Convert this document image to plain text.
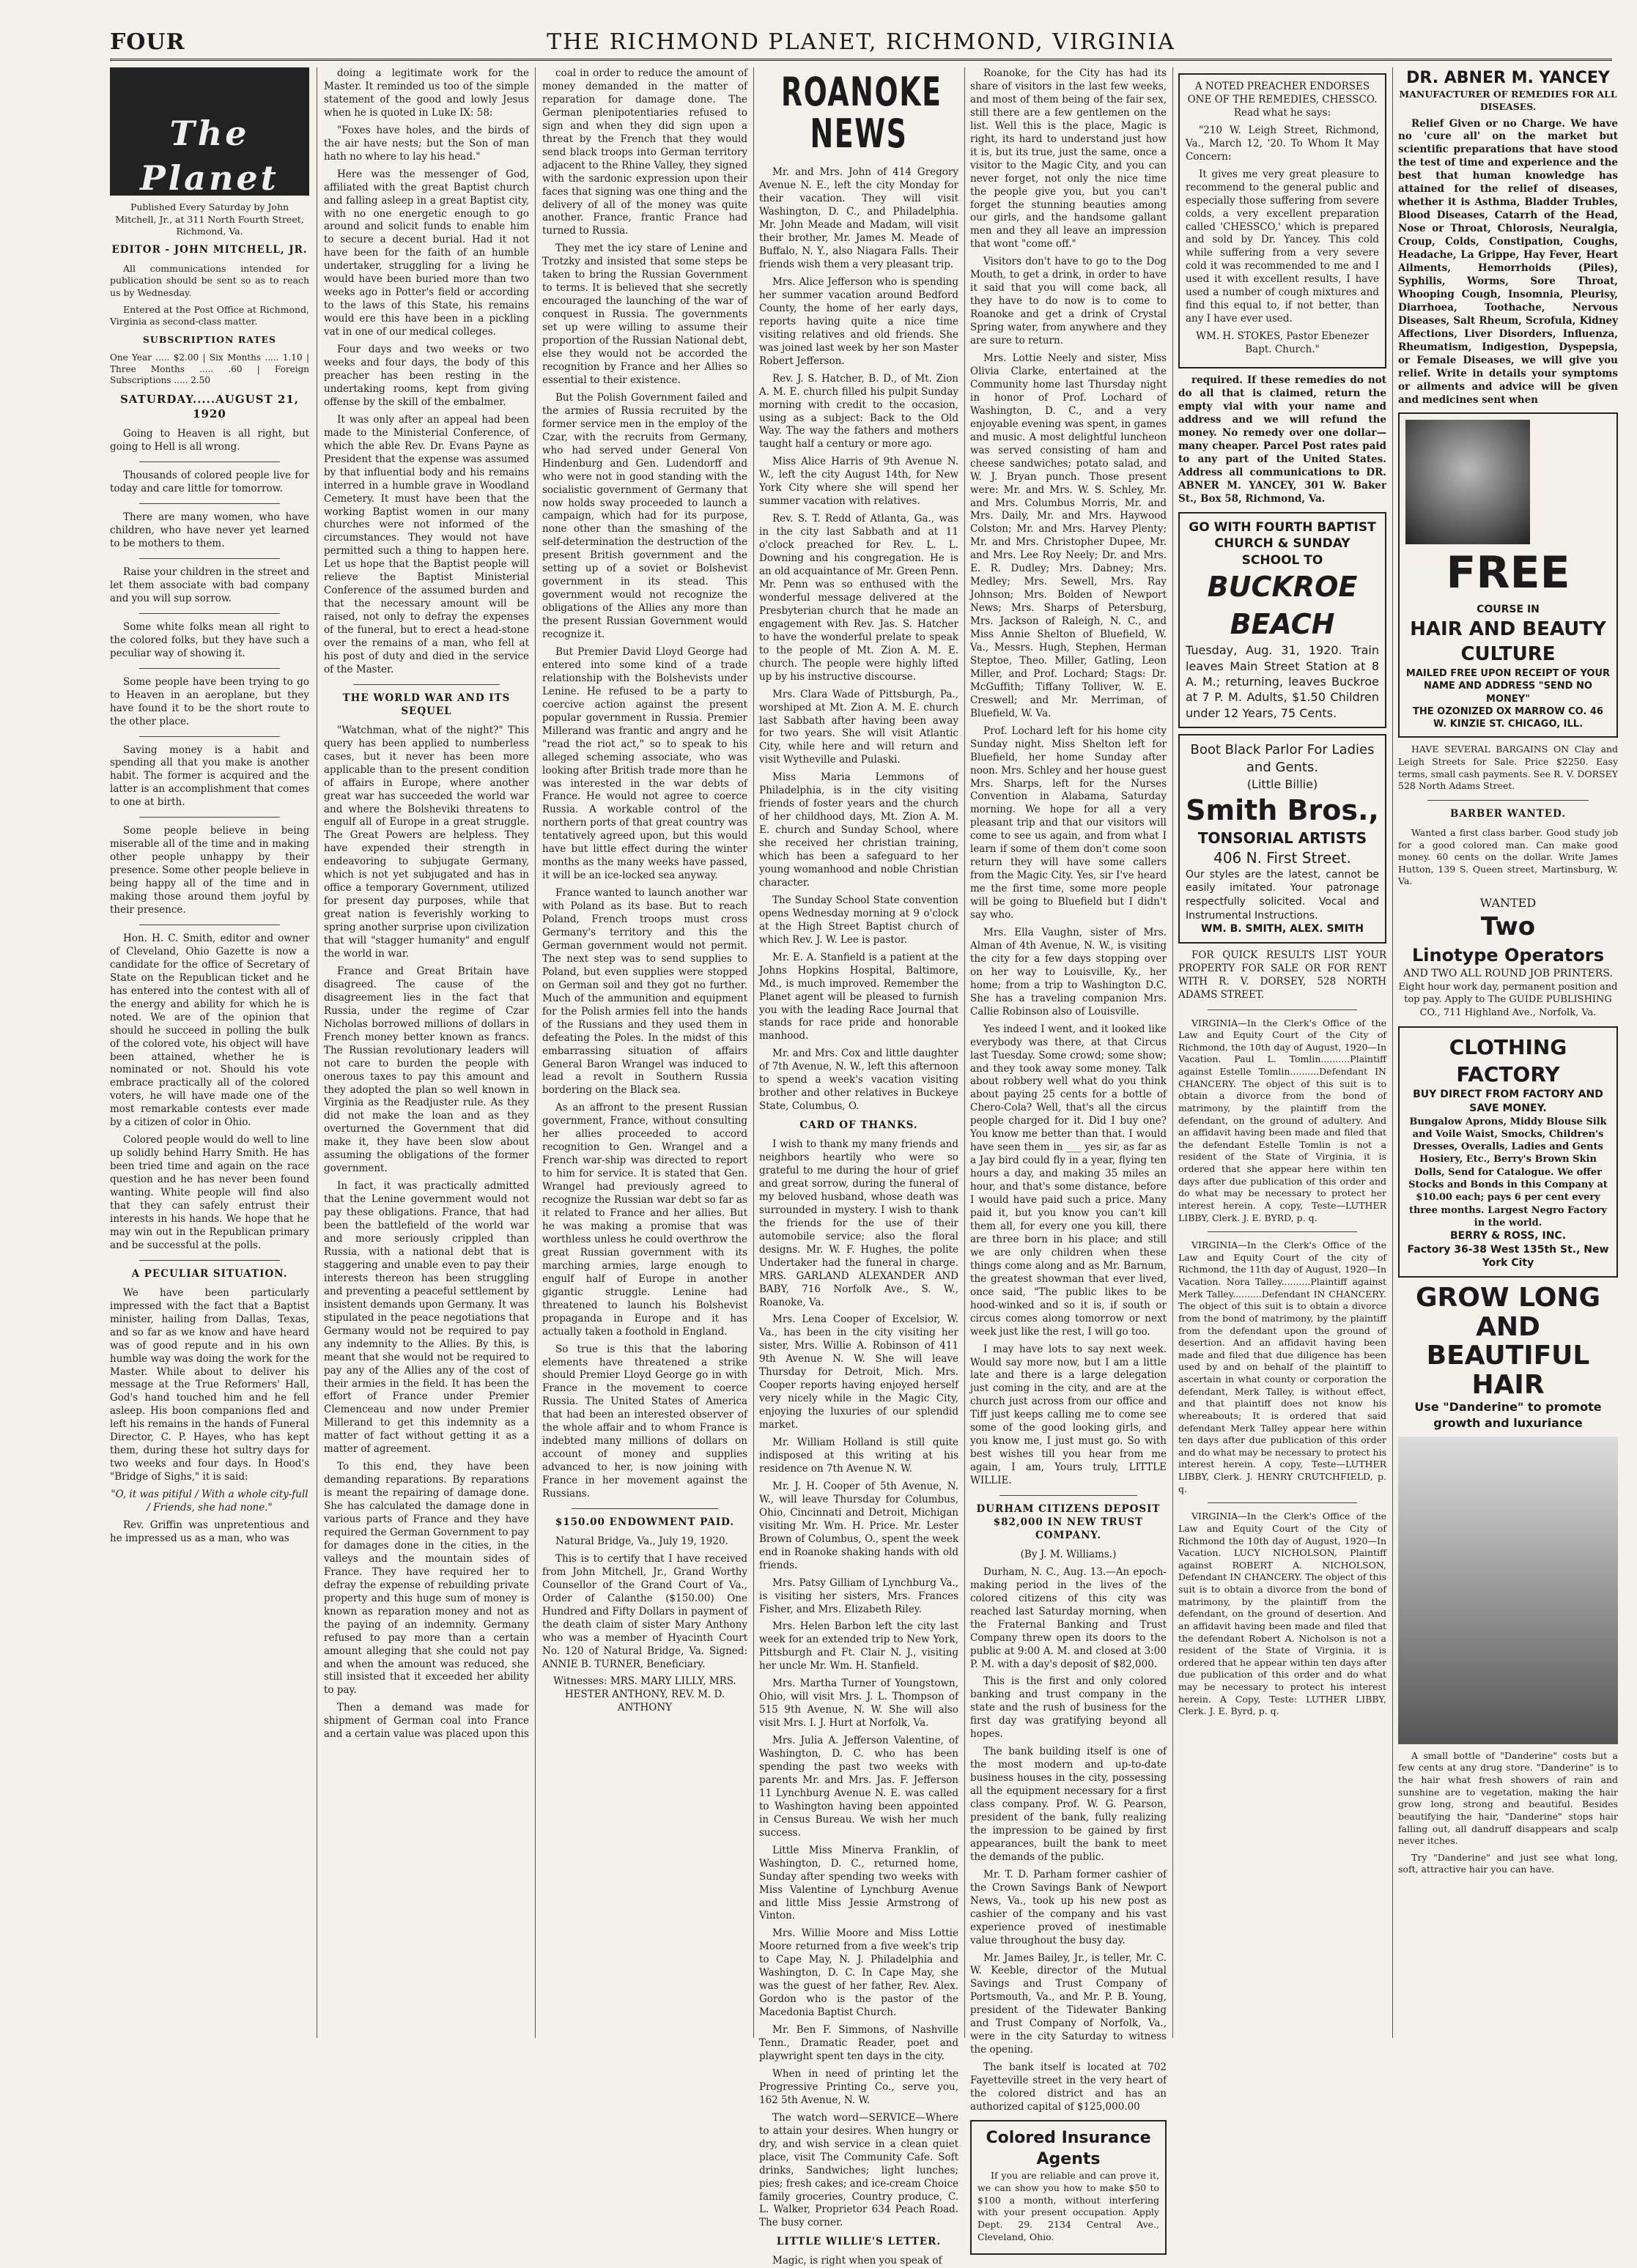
FOUR	THE RICHMOND PLANET, RICHMOND, VIRGINIA
The Planet

Published Every Saturday by John Mitchell, Jr., at 311 North Fourth Street, Richmond, Va.

EDITOR - JOHN MITCHELL, JR.

All communications intended for publication should be sent so as to reach us by Wednesday.

Entered at the Post Office at Richmond, Virginia as second-class matter.

SUBSCRIPTION RATES

One Year ..... $2.00 | Six Months ..... 1.10 | Three Months ..... .60 | Foreign Subscriptions ..... 2.50

SATURDAY.....AUGUST 21, 1920

Going to Heaven is all right, but going to Hell is all wrong.

Thousands of colored people live for today and care little for tomorrow.

There are many women, who have children, who have never yet learned to be mothers to them.

Raise your children in the street and let them associate with bad company and you will sup sorrow.

Some white folks mean all right to the colored folks, but they have such a peculiar way of showing it.

Some people have been trying to go to Heaven in an aeroplane, but they have found it to be the short route to the other place.

Saving money is a habit and spending all that you make is another habit. The former is acquired and the latter is an accomplishment that comes to one at birth.

Some people believe in being miserable all of the time and in making other people unhappy by their presence. Some other people believe in being happy all of the time and in making those around them joyful by their presence.

Hon. H. C. Smith, editor and owner of Cleveland, Ohio Gazette is now a candidate for the office of Secretary of State on the Republican ticket and he has entered into the contest with all of the energy and ability for which he is noted. We are of the opinion that should he succeed in polling the bulk of the colored vote, his object will have been attained, whether he is nominated or not. Should his vote embrace practically all of the colored voters, he will have made one of the most remarkable contests ever made by a citizen of color in Ohio.

Colored people would do well to line up solidly behind Harry Smith. He has been tried time and again on the race question and he has never been found wanting. White people will find also that they can safely entrust their interests in his hands. We hope that he may win out in the Republican primary and be successful at the polls.

A PECULIAR SITUATION.

We have been particularly impressed with the fact that a Baptist minister, hailing from Dallas, Texas, and so far as we know and have heard was of good repute and in his own humble way was doing the work for the Master. While about to deliver his message at the True Reformers' Hall, God's hand touched him and he fell asleep. His boon companions fled and left his remains in the hands of Funeral Director, C. P. Hayes, who has kept them, during these hot sultry days for two weeks and four days. In Hood's "Bridge of Sighs," it is said:

"O, it was pitiful / With a whole city-full / Friends, she had none."

Rev. Griffin was unpretentious and he impressed us as a man, who was

doing a legitimate work for the Master. It reminded us too of the simple statement of the good and lowly Jesus when he is quoted in Luke IX: 58:

"Foxes have holes, and the birds of the air have nests; but the Son of man hath no where to lay his head."

Here was the messenger of God, affiliated with the great Baptist church and falling asleep in a great Baptist city, with no one energetic enough to go around and solicit funds to enable him to secure a decent burial. Had it not have been for the faith of an humble undertaker, struggling for a living he would have been buried more than two weeks ago in Potter's field or according to the laws of this State, his remains would ere this have been in a pickling vat in one of our medical colleges.

Four days and two weeks or two weeks and four days, the body of this preacher has been resting in the undertaking rooms, kept from giving offense by the skill of the embalmer.

It was only after an appeal had been made to the Ministerial Conference, of which the able Rev. Dr. Evans Payne as President that the expense was assumed by that influential body and his remains interred in a humble grave in Woodland Cemetery. It must have been that the working Baptist women in our many churches were not informed of the circumstances. They would not have permitted such a thing to happen here. Let us hope that the Baptist people will relieve the Baptist Ministerial Conference of the assumed burden and that the necessary amount will be raised, not only to defray the expenses of the funeral, but to erect a head-stone over the remains of a man, who fell at his post of duty and died in the service of the Master.

THE WORLD WAR AND ITS SEQUEL

"Watchman, what of the night?" This query has been applied to numberless cases, but it never has been more applicable than to the present condition of affairs in Europe, where another great war has succeeded the world war and where the Bolsheviki threatens to engulf all of Europe in a great struggle. The Great Powers are helpless. They have expended their strength in endeavoring to subjugate Germany, which is not yet subjugated and has in office a temporary Government, utilized for present day purposes, while that great nation is feverishly working to spring another surprise upon civilization that will "stagger humanity" and engulf the world in war.

France and Great Britain have disagreed. The cause of the disagreement lies in the fact that Russia, under the regime of Czar Nicholas borrowed millions of dollars in French money better known as francs. The Russian revolutionary leaders will not care to burden the people with onerous taxes to pay this amount and they adopted the plan so well known in Virginia as the Readjuster rule. As they did not make the loan and as they overturned the Government that did make it, they have been slow about assuming the obligations of the former government.

In fact, it was practically admitted that the Lenine government would not pay these obligations. France, that had been the battlefield of the world war and more seriously crippled than Russia, with a national debt that is staggering and unable even to pay their interests thereon has been struggling and preventing a peaceful settlement by insistent demands upon Germany. It was stipulated in the peace negotiations that Germany would not be required to pay any indemnity to the Allies. By this, is meant that she would not be required to pay any of the Allies any of the cost of their armies in the field. It has been the effort of France under Premier Clemenceau and now under Premier Millerand to get this indemnity as a matter of fact without getting it as a matter of agreement.

To this end, they have been demanding reparations. By reparations is meant the repairing of damage done. She has calculated the damage done in various parts of France and they have required the German Government to pay for damages done in the cities, in the valleys and the mountain sides of France. They have required her to defray the expense of rebuilding private property and this huge sum of money is known as reparation money and not as the paying of an indemnity. Germany refused to pay more than a certain amount alleging that she could not pay and when the amount was reduced, she still insisted that it exceeded her ability to pay.

Then a demand was made for shipment of German coal into France and a certain value was placed upon this

coal in order to reduce the amount of money demanded in the matter of reparation for damage done. The German plenipotentiaries refused to sign and when they did sign upon a threat by the French that they would send black troops into German territory adjacent to the Rhine Valley, they signed with the sardonic expression upon their faces that signing was one thing and the delivery of all of the money was quite another. France, frantic France had turned to Russia.

They met the icy stare of Lenine and Trotzky and insisted that some steps be taken to bring the Russian Government to terms. It is believed that she secretly encouraged the launching of the war of conquest in Russia. The governments set up were willing to assume their proportion of the Russian National debt, else they would not be accorded the recognition by France and her Allies so essential to their existence.

But the Polish Government failed and the armies of Russia recruited by the former service men in the employ of the Czar, with the recruits from Germany, who had served under General Von Hindenburg and Gen. Ludendorff and who were not in good standing with the socialistic government of Germany that now holds sway proceeded to launch a campaign, which had for its purpose, none other than the smashing of the self-determination the destruction of the present British government and the setting up of a soviet or Bolshevist government in its stead. This government would not recognize the obligations of the Allies any more than the present Russian Government would recognize it.

But Premier David Lloyd George had entered into some kind of a trade relationship with the Bolshevists under Lenine. He refused to be a party to coercive action against the present popular government in Russia. Premier Millerand was frantic and angry and he "read the riot act," so to speak to his alleged scheming associate, who was looking after British trade more than he was interested in the war debts of France. He would not agree to coerce Russia. A workable control of the northern ports of that great country was tentatively agreed upon, but this would have but little effect during the winter months as the many weeks have passed, it will be an ice-locked sea anyway.

France wanted to launch another war with Poland as its base. But to reach Poland, French troops must cross Germany's territory and this the German government would not permit. The next step was to send supplies to Poland, but even supplies were stopped on German soil and they got no further. Much of the ammunition and equipment for the Polish armies fell into the hands of the Russians and they used them in defeating the Poles. In the midst of this embarrassing situation of affairs General Baron Wrangel was induced to lead a revolt in Southern Russia bordering on the Black sea.

As an affront to the present Russian government, France, without consulting her allies proceeded to accord recognition to Gen. Wrangel and a French war-ship was directed to report to him for service. It is stated that Gen. Wrangel had previously agreed to recognize the Russian war debt so far as it related to France and her allies. But he was making a promise that was worthless unless he could overthrow the great Russian government with its marching armies, large enough to engulf half of Europe in another gigantic struggle. Lenine had threatened to launch his Bolshevist propaganda in Europe and it has actually taken a foothold in England.

So true is this that the laboring elements have threatened a strike should Premier Lloyd George go in with France in the movement to coerce Russia. The United States of America that had been an interested observer of the whole affair and to whom France is indebted many millions of dollars on account of money and supplies advanced to her, is now joining with France in her movement against the Russians.

$150.00 ENDOWMENT PAID.

Natural Bridge, Va., July 19, 1920.

This is to certify that I have received from John Mitchell, Jr., Grand Worthy Counsellor of the Grand Court of Va., Order of Calanthe ($150.00) One Hundred and Fifty Dollars in payment of the death claim of sister Mary Anthony who was a member of Hyacinth Court No. 120 of Natural Bridge, Va. Signed: ANNIE B. TURNER, Beneficiary.

Witnesses: MRS. MARY LILLY, MRS. HESTER ANTHONY, REV. M. D. ANTHONY

ROANOKE NEWS

Mr. and Mrs. John of 414 Gregory Avenue N. E., left the city Monday for their vacation. They will visit Washington, D. C., and Philadelphia. Mr. John Meade and Madam, will visit their brother, Mr. James M. Meade of Buffalo, N. Y., also Niagara Falls. Their friends wish them a very pleasant trip.

Mrs. Alice Jefferson who is spending her summer vacation around Bedford County, the home of her early days, reports having quite a nice time visiting relatives and old friends. She was joined last week by her son Master Robert Jefferson.

Rev. J. S. Hatcher, B. D., of Mt. Zion A. M. E. church filled his pulpit Sunday morning with credit to the occasion, using as a subject: Back to the Old Way. The way the fathers and mothers taught half a century or more ago.

Miss Alice Harris of 9th Avenue N. W., left the city August 14th, for New York City where she will spend her summer vacation with relatives.

Rev. S. T. Redd of Atlanta, Ga., was in the city last Sabbath and at 11 o'clock preached for Rev. L. L. Downing and his congregation. He is an old acquaintance of Mr. Green Penn. Mr. Penn was so enthused with the wonderful message delivered at the Presbyterian church that he made an engagement with Rev. Jas. S. Hatcher to have the wonderful prelate to speak to the people of Mt. Zion A. M. E. church. The people were highly lifted up by his instructive discourse.

Mrs. Clara Wade of Pittsburgh, Pa., worshiped at Mt. Zion A. M. E. church last Sabbath after having been away for two years. She will visit Atlantic City, while here and will return and visit Wytheville and Pulaski.

Miss Maria Lemmons of Philadelphia, is in the city visiting friends of foster years and the church of her childhood days, Mt. Zion A. M. E. church and Sunday School, where she received her christian training, which has been a safeguard to her young womanhood and noble Christian character.

The Sunday School State convention opens Wednesday morning at 9 o'clock at the High Street Baptist church of which Rev. J. W. Lee is pastor.

Mr. E. A. Stanfield is a patient at the Johns Hopkins Hospital, Baltimore, Md., is much improved. Remember the Planet agent will be pleased to furnish you with the leading Race Journal that stands for race pride and honorable manhood.

Mr. and Mrs. Cox and little daughter of 7th Avenue, N. W., left this afternoon to spend a week's vacation visiting brother and other relatives in Buckeye State, Columbus, O.

CARD OF THANKS.

I wish to thank my many friends and neighbors heartily who were so grateful to me during the hour of grief and great sorrow, during the funeral of my beloved husband, whose death was surrounded in mystery. I wish to thank the friends for the use of their automobile service; also the floral designs. Mr. W. F. Hughes, the polite Undertaker had the funeral in charge. MRS. GARLAND ALEXANDER AND BABY, 716 Norfolk Ave., S. W., Roanoke, Va.

Mrs. Lena Cooper of Excelsior, W. Va., has been in the city visiting her sister, Mrs. Willie A. Robinson of 411 9th Avenue N. W. She will leave Thursday for Detroit, Mich. Mrs. Cooper reports having enjoyed herself very nicely while in the Magic City, enjoying the luxuries of our splendid market.

Mr. William Holland is still quite indisposed at this writing at his residence on 7th Avenue N. W.

Mr. J. H. Cooper of 5th Avenue, N. W., will leave Thursday for Columbus, Ohio, Cincinnati and Detroit, Michigan visiting Mr. Wm. H. Price. Mr. Lester Brown of Columbus, O., spent the week end in Roanoke shaking hands with old friends.

Mrs. Patsy Gilliam of Lynchburg Va., is visiting her sisters, Mrs. Frances Fisher, and Mrs. Elizabeth Riley.

Mrs. Helen Barbon left the city last week for an extended trip to New York, Pittsburgh and Ft. Clair N. J., visiting her uncle Mr. Wm. H. Stanfield.

Mrs. Martha Turner of Youngstown, Ohio, will visit Mrs. J. L. Thompson of 515 9th Avenue, N. W. She will also visit Mrs. I. J. Hurt at Norfolk, Va.

Mrs. Julia A. Jefferson Valentine, of Washington, D. C. who has been spending the past two weeks with parents Mr. and Mrs. Jas. F. Jefferson 11 Lynchburg Avenue N. E. was called to Washington having been appointed in Census Bureau. We wish her much success.

Little Miss Minerva Franklin, of Washington, D. C., returned home, Sunday after spending two weeks with Miss Valentine of Lynchburg Avenue and little Miss Jessie Armstrong of Vinton.

Mrs. Willie Moore and Miss Lottie Moore returned from a five week's trip to Cape May, N. J. Philadelphia and Washington, D. C. In Cape May, she was the guest of her father, Rev. Alex. Gordon who is the pastor of the Macedonia Baptist Church.

Mr. Ben F. Simmons, of Nashville Tenn., Dramatic Reader, poet and playwright spent ten days in the city.

When in need of printing let the Progressive Printing Co., serve you, 162 5th Avenue, N. W.

The watch word—SERVICE—Where to attain your desires. When hungry or dry, and wish service in a clean quiet place, visit The Community Cafe. Soft drinks, Sandwiches; light lunches; pies; fresh cakes; and ice-cream Choice family groceries, Country produce, C. L. Walker, Proprietor 634 Peach Road. The busy corner.

LITTLE WILLIE'S LETTER.

Magic, is right when you speak of

Roanoke, for the City has had its share of visitors in the last few weeks, and most of them being of the fair sex, still there are a few gentlemen on the list. Well this is the place, Magic is right, its hard to understand just how it is, but its true, just the same, once a visitor to the Magic City, and you can never forget, not only the nice time the people give you, but you can't forget the stunning beauties among our girls, and the handsome gallant men and they all leave an impression that wont "come off."

Visitors don't have to go to the Dog Mouth, to get a drink, in order to have it said that you will come back, all they have to do now is to come to Roanoke and get a drink of Crystal Spring water, from anywhere and they are sure to return.

Mrs. Lottie Neely and sister, Miss Olivia Clarke, entertained at the Community home last Thursday night in honor of Prof. Lochard of Washington, D. C., and a very enjoyable evening was spent, in games and music. A most delightful luncheon was served consisting of ham and cheese sandwiches; potato salad, and W. J. Bryan punch. Those present were: Mr. and Mrs. W. S. Schley, Mr. and Mrs. Columbus Morris, Mr. and Mrs. Daily, Mr. and Mrs. Haywood Colston; Mr. and Mrs. Harvey Plenty; Mr. and Mrs. Christopher Dupee, Mr. and Mrs. Lee Roy Neely; Dr. and Mrs. E. R. Dudley; Mrs. Dabney; Mrs. Medley; Mrs. Sewell, Mrs. Ray Johnson; Mrs. Bolden of Newport News; Mrs. Sharps of Petersburg, Mrs. Jackson of Raleigh, N. C., and Miss Annie Shelton of Bluefield, W. Va., Messrs. Hugh, Stephen, Herman Steptoe, Theo. Miller, Gatling, Leon Miller, and Prof. Lochard; Stags: Dr. McGuffith; Tiffany Tolliver, W. E. Creswell; and Mr. Merriman, of Bluefield, W. Va.

Prof. Lochard left for his home city Sunday night. Miss Shelton left for Bluefield, her home Sunday after noon. Mrs. Schley and her house guest Mrs. Sharps, left for the Nurses Convention in Alabama, Saturday morning. We hope for all a very pleasant trip and that our visitors will come to see us again, and from what I learn if some of them don't come soon return they will have some callers from the Magic City. Yes, sir I've heard me the first time, some more people will be going to Bluefield but I didn't say who.

Mrs. Ella Vaughn, sister of Mrs. Alman of 4th Avenue, N. W., is visiting the city for a few days stopping over on her way to Louisville, Ky., her home; from a trip to Washington D.C. She has a traveling companion Mrs. Callie Robinson also of Louisville.

Yes indeed I went, and it looked like everybody was there, at that Circus last Tuesday. Some crowd; some show; and they took away some money. Talk about robbery well what do you think about paying 25 cents for a bottle of Chero-Cola? Well, that's all the circus people charged for it. Did I buy one? You know me better than that. I would have seen them in ___ yes sir, as far as a Jay bird could fly in a year, flying ten hours a day, and making 35 miles an hour, and that's some distance, before I would have paid such a price. Many paid it, but you know you can't kill them all, for every one you kill, there are three born in his place; and still we are only children when these things come along and as Mr. Barnum, the greatest showman that ever lived, once said, "The public likes to be hood-winked and so it is, if south or circus comes along tomorrow or next week just like the rest, I will go too.

I may have lots to say next week. Would say more now, but I am a little late and there is a large delegation just coming in the city, and are at the church just across from our office and Tiff just keeps calling me to come see some of the good looking girls, and you know me, I just must go. So with best wishes till you hear from me again, I am, Yours truly, LITTLE WILLIE.

DURHAM CITIZENS DEPOSIT $82,000 IN NEW TRUST COMPANY.

(By J. M. Williams.)

Durham, N. C., Aug. 13.—An epoch-making period in the lives of the colored citizens of this city was reached last Saturday morning, when the Fraternal Banking and Trust Company threw open its doors to the public at 9:00 A. M. and closed at 3:00 P. M. with a day's deposit of $82,000.

This is the first and only colored banking and trust company in the state and the rush of business for the first day was gratifying beyond all hopes.

The bank building itself is one of the most modern and up-to-date business houses in the city, possessing all the equipment necessary for a first class company. Prof. W. G. Pearson, president of the bank, fully realizing the impression to be gained by first appearances, built the bank to meet the demands of the public.

Mr. T. D. Parham former cashier of the Crown Savings Bank of Newport News, Va., took up his new post as cashier of the company and his vast experience proved of inestimable value throughout the busy day.

Mr. James Bailey, Jr., is teller, Mr. C. W. Keeble, director of the Mutual Savings and Trust Company of Portsmouth, Va., and Mr. P. B. Young, president of the Tidewater Banking and Trust Company of Norfolk, Va., were in the city Saturday to witness the opening.

The bank itself is located at 702 Fayetteville street in the very heart of the colored district and has an authorized capital of $125,000.00

Colored Insurance Agents

If you are reliable and can prove it, we can show you how to make $50 to $100 a month, without interfering with your present occupation. Apply Dept. 29. 2134 Central Ave., Cleveland, Ohio.

A NOTED PREACHER ENDORSES ONE OF THE REMEDIES, CHESSCO. Read what he says:

"210 W. Leigh Street, Richmond, Va., March 12, '20. To Whom It May Concern:

It gives me very great pleasure to recommend to the general public and especially those suffering from severe colds, a very excellent preparation called 'CHESSCO,' which is prepared and sold by Dr. Yancey. This cold while suffering from a very severe cold it was recommended to me and I used it with excellent results, I have used a number of cough mixtures and find this equal to, if not better, than any I have ever used.

WM. H. STOKES, Pastor Ebenezer Bapt. Church."

required. If these remedies do not do all that is claimed, return the empty vial with your name and address and we will refund the money. No remedy over one dollar—many cheaper. Parcel Post rates paid to any part of the United States. Address all communications to DR. ABNER M. YANCEY, 301 W. Baker St., Box 58, Richmond, Va.

GO WITH FOURTH BAPTIST CHURCH & SUNDAY SCHOOL TO
BUCKROE BEACH
Tuesday, Aug. 31, 1920. Train leaves Main Street Station at 8 A. M.; returning, leaves Buckroe at 7 P. M. Adults, $1.50 Children under 12 Years, 75 Cents.
Boot Black Parlor For Ladies and Gents.
(Little Billie)
Smith Bros.,
TONSORIAL ARTISTS
406 N. First Street.
Our styles are the latest, cannot be easily imitated. Your patronage respectfully solicited. Vocal and Instrumental Instructions.
WM. B. SMITH, ALEX. SMITH

FOR QUICK RESULTS LIST YOUR PROPERTY FOR SALE OR FOR RENT WITH R. V. DORSEY, 528 NORTH ADAMS STREET.

VIRGINIA—In the Clerk's Office of the Law and Equity Court of the City of Richmond, the 10th day of August, 1920—In Vacation. Paul L. Tomlin..........Plaintiff against Estelle Tomlin..........Defendant IN CHANCERY. The object of this suit is to obtain a divorce from the bond of matrimony, by the plaintiff from the defendant, on the ground of adultery. And an affidavit having been made and filed that the defendant Estelle Tomlin is not a resident of the State of Virginia, it is ordered that she appear here within ten days after due publication of this order and do what may be necessary to protect her interest herein. A copy, Teste—LUTHER LIBBY, Clerk. J. E. BYRD, p. q.

VIRGINIA—In the Clerk's Office of the Law and Equity Court of the city of Richmond, the 11th day of August, 1920—In Vacation. Nora Talley..........Plaintiff against Merk Talley..........Defendant IN CHANCERY. The object of this suit is to obtain a divorce from the bond of matrimony, by the plaintiff from the defendant upon the ground of desertion. And an affidavit having been made and filed that due diligence has been used by and on behalf of the plaintiff to ascertain in what county or corporation the defendant, Merk Talley, is without effect, and that plaintiff does not know his whereabouts; It is ordered that said defendant Merk Talley appear here within ten days after due publication of this order and do what may be necessary to protect his interest herein. A copy, Teste—LUTHER LIBBY, Clerk. J. HENRY CRUTCHFIELD, p. q.

VIRGINIA—In the Clerk's Office of the Law and Equity Court of the City of Richmond the 10th day of August, 1920—In Vacation. LUCY NICHOLSON, Plaintiff against ROBERT A. NICHOLSON, Defendant IN CHANCERY. The object of this suit is to obtain a divorce from the bond of matrimony, by the plaintiff from the defendant, on the ground of desertion. And an affidavit having been made and filed that the defendant Robert A. Nicholson is not a resident of the State of Virginia, it is ordered that he appear within ten days after due publication of this order and do what may be necessary to protect his interest herein. A Copy, Teste: LUTHER LIBBY, Clerk. J. E. Byrd, p. q.

DR. ABNER M. YANCEY

MANUFACTURER OF REMEDIES FOR ALL DISEASES.

Relief Given or no Charge. We have no 'cure all' on the market but scientific preparations that have stood the test of time and experience and the best that human knowledge has attained for the relief of diseases, whether it is Asthma, Bladder Trubles, Blood Diseases, Catarrh of the Head, Nose or Throat, Chlorosis, Neuralgia, Croup, Colds, Constipation, Coughs, Headache, La Grippe, Hay Fever, Heart Ailments, Hemorrhoids (Piles), Syphilis, Worms, Sore Throat, Whooping Cough, Insomnia, Pleurisy, Diarrhoea, Toothache, Nervous Diseases, Salt Rheum, Scrofula, Kidney Affections, Liver Disorders, Influenza, Rheumatism, Indigestion, Dyspepsia, or Female Diseases, we will give you relief. Write in details your symptoms or ailments and advice will be given and medicines sent when

FREE
COURSE IN
HAIR AND BEAUTY CULTURE
MAILED FREE UPON RECEIPT OF YOUR NAME AND ADDRESS "SEND NO MONEY"
THE OZONIZED OX MARROW CO. 46 W. KINZIE ST. CHICAGO, ILL.

HAVE SEVERAL BARGAINS ON Clay and Leigh Streets for Sale. Price $2250. Easy terms, small cash payments. See R. V. DORSEY 528 North Adams Street.

BARBER WANTED.

Wanted a first class barber. Good study job for a good colored man. Can make good money. 60 cents on the dollar. Write James Hutton, 139 S. Queen street, Martinsburg, W. Va.

WANTED
Two
Linotype Operators
AND TWO ALL ROUND JOB PRINTERS.
Eight hour work day, permanent position and top pay. Apply to The GUIDE PUBLISHING CO., 711 Highland Ave., Norfolk, Va.
CLOTHING FACTORY
BUY DIRECT FROM FACTORY AND SAVE MONEY.
Bungalow Aprons, Middy Blouse Silk and Voile Waist, Smocks, Children's Dresses, Overalls, Ladies and Gents Hosiery, Etc., Berry's Brown Skin Dolls, Send for Catalogue. We offer Stocks and Bonds in this Company at $10.00 each; pays 6 per cent every three months. Largest Negro Factory in the world.
BERRY & ROSS, INC.
Factory 36-38 West 135th St., New York City
GROW LONG AND BEAUTIFUL HAIR
Use "Danderine" to promote growth and luxuriance

A small bottle of "Danderine" costs but a few cents at any drug store. "Danderine" is to the hair what fresh showers of rain and sunshine are to vegetation, making the hair grow long, strong and beautiful. Besides beautifying the hair, "Danderine" stops hair falling out, all dandruff disappears and scalp never itches.

Try "Danderine" and just see what long, soft, attractive hair you can have.
